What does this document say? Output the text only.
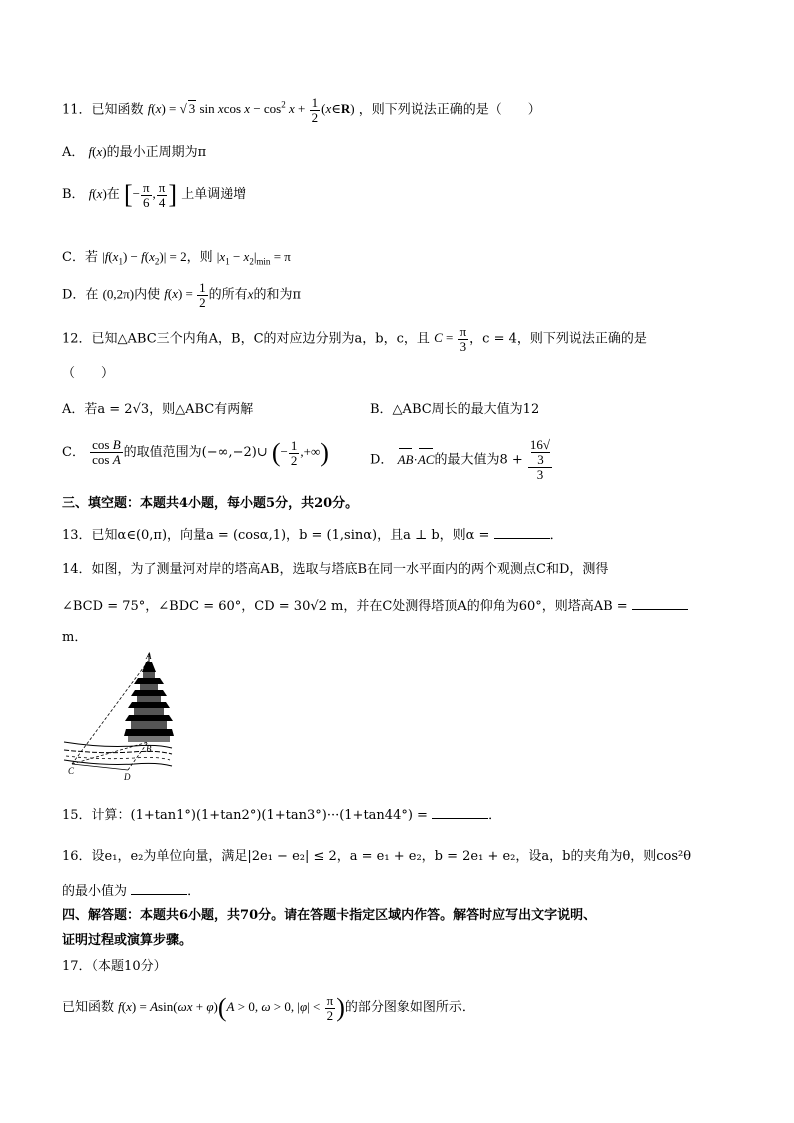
11．已知函数 f(x) = √ 3 sin xcos $x - \cos^2 x + \frac{1}{2}$ (x∈R) ，则下列说法正确的是（　　）
A． f(x)的最小正周期为π
B． f(x)在 [− $\frac{\pi}{6}$ , $\frac{\pi}{4}$ ] 上单调递增
C．若 $|f(x_1) - f(x_2)| = 2$，则 $|x_1 - x_2|_{min} = \pi$
D．在 (0,2π)内使 $f(x) = \frac{1}{2}$ 的所有x的和为π
12．已知△ABC三个内角A，B，C的对应边分别为a，b，c，且 $C = \frac{\pi}{3}$ ，c = 4，则下列说法正确的是
（　　）
A．若a = 2√3，则△ABC有两解	B．△ABC周长的最大值为12
C． $\frac{\text{cos B}}{\text{cos A}}$ 的取值范围为(−∞,−2)∪ (− $\frac{1}{2}$ ,+∞)	D． AB·AC的最大值为8 + 16√
3
3
三、填空题：本题共4小题，每小题5分，共20分。
13．已知α∈(0,π)，向量a = (cosα,1)，b = (1,sinα)，且a ⊥ b，则α =	．
14．如图，为了测量河对岸的塔高AB，选取与塔底B在同一水平面内的两个观测点C和D，测得
∠BCD = 75°，∠BDC = 60°，CD = 30√2 m，并在C处测得塔顶A的仰角为60°，则塔高AB =
m．
A
B
C
D
15．计算：(1+tan1°)(1+tan2°)(1+tan3°)···(1+tan44°) =	．
16．设e₁，e₂为单位向量，满足|2e₁ − e₂| ≤ 2，a = e₁ + e₂，b = 2e₁ + e₂，设a，b的夹角为θ，则cos²θ
的最小值为	．
四、解答题：本题共6小题，共70分。请在答题卡指定区域内作答。解答时应写出文字说明、
证明过程或演算步骤。
17．（本题10分）
已知函数 f(x) = Asin(ωx + φ)(A > 0, ω > 0, $|\varphi| < \frac{\pi}{2}$ )的部分图象如图所示．
